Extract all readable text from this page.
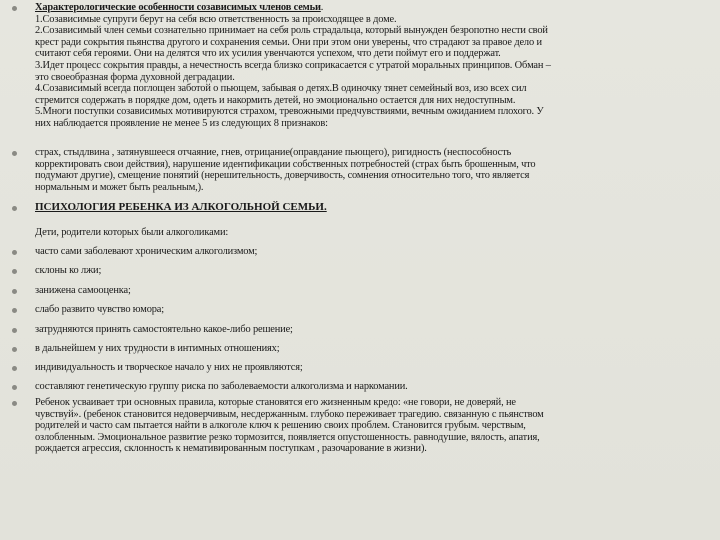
Характерологические особенности созависимых членов семьи.
1.Созависимые супруги берут на себя всю ответственность за происходящее в доме.
2.Созависимый член семьи сознательно принимает на себя роль страдальца, который вынужден безропотно нести свой
крест ради сокрытия пьянства другого и сохранения семьи. Они при этом они уверены, что страдают за правое дело и
считают себя героями. Они на делятся что их усилия увенчаются успехом, что дети поймут его и поддержат.
3.Идет процесс сокрытия правды, а нечестность всегда близко соприкасается с утратой моральных принципов. Обман –
это своеобразная форма духовной деградации.
4.Созависимый всегда поглощен заботой о пьющем, забывая о детях.В одиночку тянет семейный воз, изо всех сил
стремится содержать в порядке дом, одеть и накормить детей, но эмоционально остается для них недоступным.
5.Многи поступки созависимых мотивируются страхом, тревожными предчувствиями, вечным ожиданием плохого. У
них наблюдается проявление не менее 5 из следующих 8 признаков:
страх, стыдлвина , затянувшееся отчаяние, гнев, отрицание(оправдание пьющего), ригидность (неспособность
корректировать свои действия), нарушение идентификации собственных потребностей (страх быть брошенным, что
подумают другие), смещение понятий (нерешительность, доверчивость, сомнения относительно того, что является
нормальным и может быть реальным,).
ПСИХОЛОГИЯ РЕБЕНКА ИЗ АЛКОГОЛЬНОЙ СЕМЬИ.
Дети, родители которых были алкоголиками:
часто сами заболевают хроническим алкоголизмом;
склоны ко лжи;
занижена самооценка;
слабо развито чувство юмора;
затрудняются принять самостоятельно какое-либо решение;
в дальнейшем у них трудности в интимных отношениях;
индивидуальность и творческое начало у них не проявляются;
составляют генетическую группу риска по заболеваемости алкоголизма и наркомании.
Ребенок усваивает три основных правила, которые становятся его жизненным кредо: «не говори, не доверяй, не
чувствуй». (ребенок становится недоверчивым, несдержанным. глубоко переживает трагедию. связанную с пьянством
родителей и часто сам пытается найти в алкоголе ключ к решению своих проблем. Становится грубым. черствым,
озлобленным. Эмоциональное развитие резко тормозится, появляется опустошенность. равнодушие, вялость, апатия,
рождается агрессия, склонность к немативированным поступкам , разочарование в жизни).
